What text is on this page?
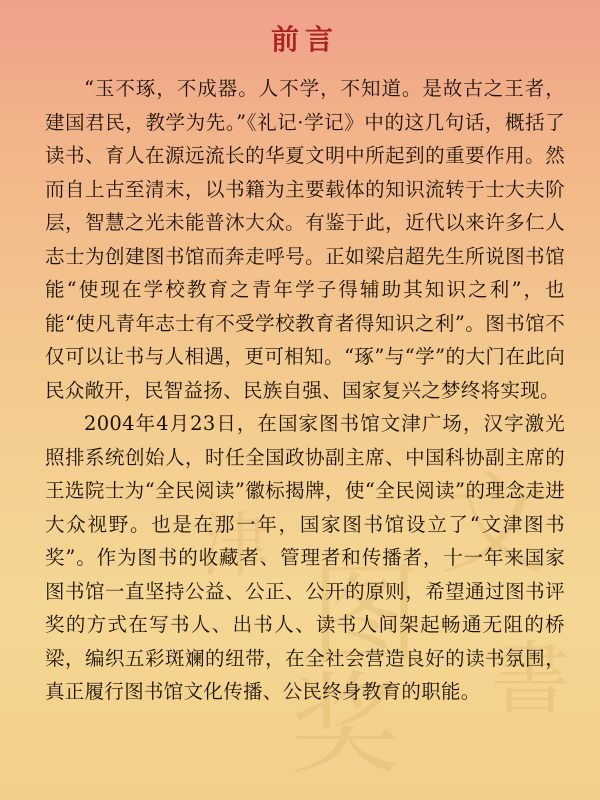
文
津
图
書
奖
前言

“玉不琢，不成器。人不学，不知道。是故古之王者，建国君民，教学为先。”《礼记·学记》中的这几句话，概括了读书、育人在源远流长的华夏文明中所起到的重要作用。然而自上古至清末，以书籍为主要载体的知识流转于士大夫阶层，智慧之光未能普沐大众。有鉴于此，近代以来许多仁人志士为创建图书馆而奔走呼号。正如梁启超先生所说图书馆能“使现在学校教育之青年学子得辅助其知识之利”，也能“使凡青年志士有不受学校教育者得知识之利”。图书馆不仅可以让书与人相遇，更可相知。“琢”与“学”的大门在此向民众敞开，民智益扬、民族自强、国家复兴之梦终将实现。

2004年4月23日，在国家图书馆文津广场，汉字激光照排系统创始人，时任全国政协副主席、中国科协副主席的王选院士为“全民阅读”徽标揭牌，使“全民阅读”的理念走进大众视野。也是在那一年，国家图书馆设立了“文津图书奖”。作为图书的收藏者、管理者和传播者，十一年来国家图书馆一直坚持公益、公正、公开的原则，希望通过图书评奖的方式在写书人、出书人、读书人间架起畅通无阻的桥梁，编织五彩斑斓的纽带，在全社会营造良好的读书氛围，真正履行图书馆文化传播、公民终身教育的职能。
